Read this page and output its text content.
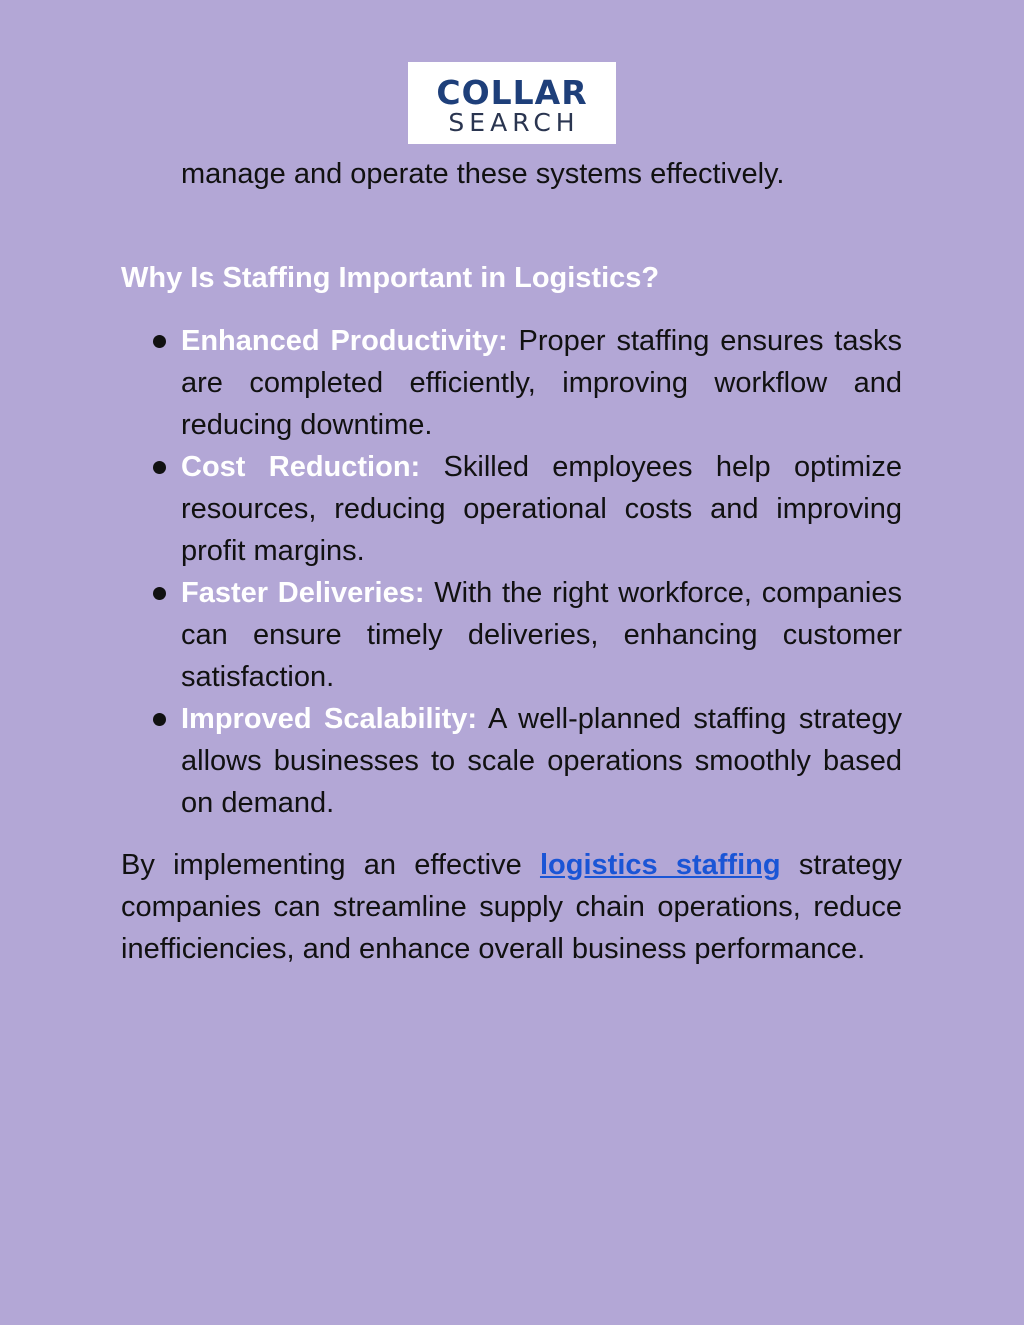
COLLAR
SEARCH

manage and operate these systems effectively.

Why Is Staffing Important in Logistics?
Enhanced Productivity: Proper staffing ensures tasks are completed efficiently, improving workflow and reducing downtime.
Cost Reduction: Skilled employees help optimize resources, reducing operational costs and improving profit margins.
Faster Deliveries: With the right workforce, companies can ensure timely deliveries, enhancing customer satisfaction.
Improved Scalability: A well-planned staffing strategy allows businesses to scale operations smoothly based on demand.

By implementing an effective logistics staffing strategy companies can streamline supply chain operations, reduce inefficiencies, and enhance overall business performance.
